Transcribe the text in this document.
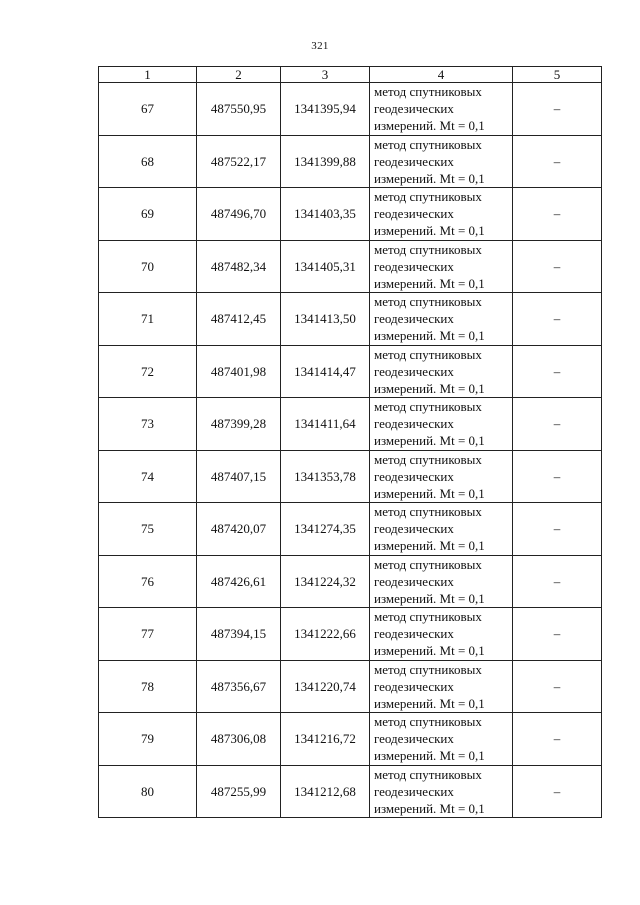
321
1	2	3	4	5
67	487550,95	1341395,94	метод спутниковых
геодезических
измерений. Mt = 0,1	–
68	487522,17	1341399,88	метод спутниковых
геодезических
измерений. Mt = 0,1	–
69	487496,70	1341403,35	метод спутниковых
геодезических
измерений. Mt = 0,1	–
70	487482,34	1341405,31	метод спутниковых
геодезических
измерений. Mt = 0,1	–
71	487412,45	1341413,50	метод спутниковых
геодезических
измерений. Mt = 0,1	–
72	487401,98	1341414,47	метод спутниковых
геодезических
измерений. Mt = 0,1	–
73	487399,28	1341411,64	метод спутниковых
геодезических
измерений. Mt = 0,1	–
74	487407,15	1341353,78	метод спутниковых
геодезических
измерений. Mt = 0,1	–
75	487420,07	1341274,35	метод спутниковых
геодезических
измерений. Mt = 0,1	–
76	487426,61	1341224,32	метод спутниковых
геодезических
измерений. Mt = 0,1	–
77	487394,15	1341222,66	метод спутниковых
геодезических
измерений. Mt = 0,1	–
78	487356,67	1341220,74	метод спутниковых
геодезических
измерений. Mt = 0,1	–
79	487306,08	1341216,72	метод спутниковых
геодезических
измерений. Mt = 0,1	–
80	487255,99	1341212,68	метод спутниковых
геодезических
измерений. Mt = 0,1	–
